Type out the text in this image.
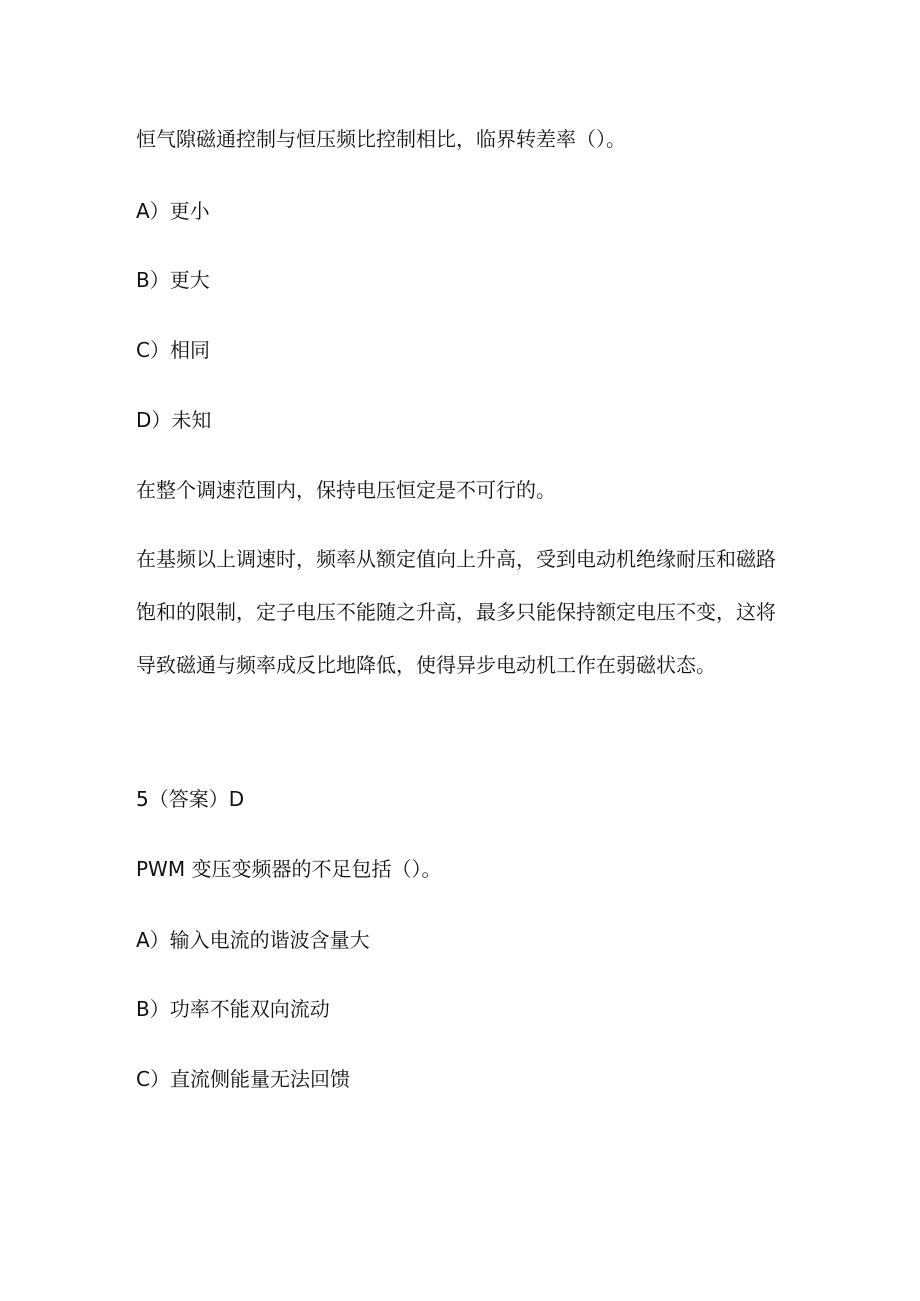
恒气隙磁通控制与恒压频比控制相比，临界转差率（）。
A）更小
B）更大
C）相同
D）未知
在整个调速范围内，保持电压恒定是不可行的。
在基频以上调速时，频率从额定值向上升高，受到电动机绝缘耐压和磁路
饱和的限制，定子电压不能随之升高，最多只能保持额定电压不变，这将
导致磁通与频率成反比地降低，使得异步电动机工作在弱磁状态。
5（答案）D
PWM 变压变频器的不足包括（）。
A）输入电流的谐波含量大
B）功率不能双向流动
C）直流侧能量无法回馈
